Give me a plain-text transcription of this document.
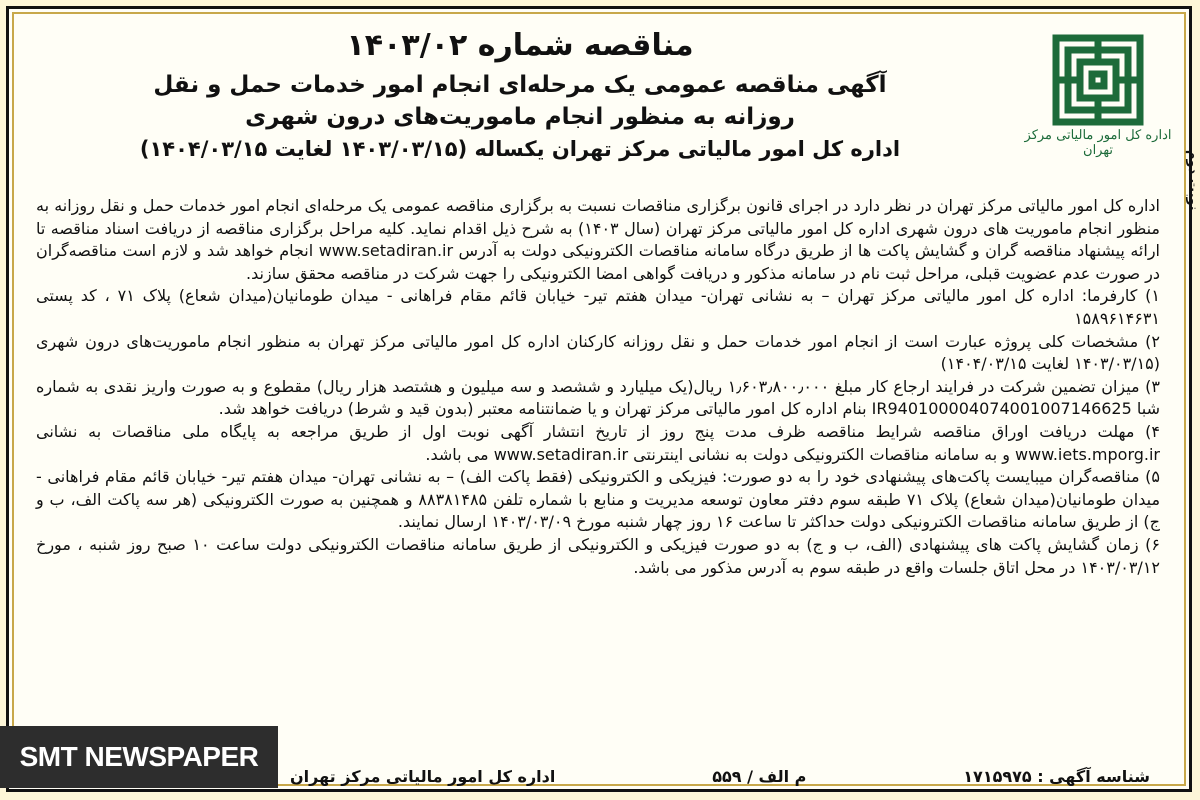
اداره کل امور مالیاتی مرکز تهران	نوبت دوم
مناقصه شماره ۱۴۰۳/۰۲
آگهی مناقصه عمومی یک مرحله‌ای انجام امور خدمات حمل و نقل
روزانه به منظور انجام ماموریت‌های درون شهری
اداره کل امور مالیاتی مرکز تهران یکساله (۱۴۰۳/۰۳/۱۵ لغایت ۱۴۰۴/۰۳/۱۵)

اداره کل امور مالیاتی مرکز تهران در نظر دارد در اجرای قانون برگزاری مناقصات نسبت به برگزاری مناقصه عمومی یک مرحله‌ای انجام امور خدمات حمل و نقل روزانه به منظور انجام ماموریت های درون شهری اداره کل امور مالیاتی مرکز تهران (سال ۱۴۰۳) به شرح ذیل اقدام نماید. کلیه مراحل برگزاری مناقصه از دریافت اسناد مناقصه تا ارائه پیشنهاد مناقصه گران و گشایش پاکت ها از طریق درگاه سامانه مناقصات الکترونیکی دولت به آدرس www.setadiran.ir انجام خواهد شد و لازم است مناقصه‌گران در صورت عدم عضویت قبلی، مراحل ثبت نام در سامانه مذکور و دریافت گواهی امضا الکترونیکی را جهت شرکت در مناقصه محقق سازند.

۱) کارفرما: اداره کل امور مالیاتی مرکز تهران – به نشانی تهران- میدان هفتم تیر- خیابان قائم مقام فراهانی - میدان طومانیان(میدان شعاع) پلاک ۷۱ ، کد پستی ۱۵۸۹۶۱۴۶۳۱

۲) مشخصات کلی پروژه عبارت است از انجام امور خدمات حمل و نقل روزانه کارکنان اداره کل امور مالیاتی مرکز تهران به منظور انجام ماموریت‌های درون شهری (۱۴۰۳/۰۳/۱۵ لغایت ۱۴۰۴/۰۳/۱۵)

۳) میزان تضمین شرکت در فرایند ارجاع کار مبلغ ۱٫۶۰۳٫۸۰۰٫۰۰۰ ریال(یک میلیارد و ششصد و سه میلیون و هشتصد هزار ریال) مقطوع و به صورت واریز نقدی به شماره شبا IR940100004074001007146625 بنام اداره کل امور مالیاتی مرکز تهران و یا ضمانتنامه معتبر (بدون قید و شرط) دریافت خواهد شد.

۴) مهلت دریافت اوراق مناقصه شرایط مناقصه ظرف مدت پنج روز از تاریخ انتشار آگهی نوبت اول از طریق مراجعه به پایگاه ملی مناقصات به نشانی www.iets.mporg.ir و به سامانه مناقصات الکترونیکی دولت به نشانی اینترنتی www.setadiran.ir می باشد.

۵) مناقصه‌گران میبایست پاکت‌های پیشنهادی خود را به دو صورت: فیزیکی و الکترونیکی (فقط پاکت الف) – به نشانی تهران- میدان هفتم تیر- خیابان قائم مقام فراهانی - میدان طومانیان(میدان شعاع) پلاک ۷۱ طبقه سوم دفتر معاون توسعه مدیریت و منابع با شماره تلفن ۸۸۳۸۱۴۸۵ و همچنین به صورت الکترونیکی (هر سه پاکت الف، ب و ج) از طریق سامانه مناقصات الکترونیکی دولت حداکثر تا ساعت ۱۶ روز چهار شنبه مورخ ۱۴۰۳/۰۳/۰۹ ارسال نمایند.

۶) زمان گشایش پاکت های پیشنهادی (الف، ب و ج) به دو صورت فیزیکی و الکترونیکی از طریق سامانه مناقصات الکترونیکی دولت ساعت ۱۰ صبح روز شنبه ، مورخ ۱۴۰۳/۰۳/۱۲ در محل اتاق جلسات واقع در طبقه سوم به آدرس مذکور می باشد.

شناسه آگهی : ۱۷۱۵۹۷۵
م الف / ۵۵۹
اداره کل امور مالیاتی مرکز تهران
SMT NEWSPAPER
